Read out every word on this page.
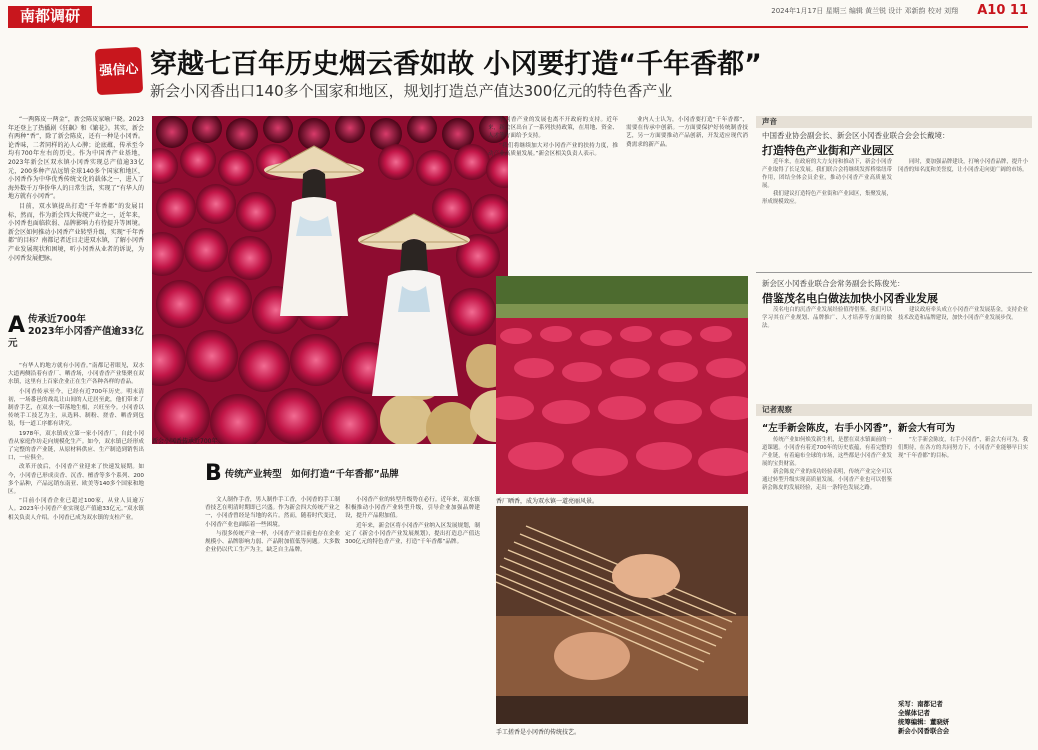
南都调研	2024年1月17日 星期三 编辑 黄兰锐 设计 邓新韵 校对 刘翔 A10 11
强信心 穿越七百年历史烟云香如故 小冈要打造“千年香都”
新会小冈香出口140多个国家和地区，规划打造总产值达300亿元的特色香产业

“一两陈皮一两金”，新会陈皮家喻户晓。2023年还登上了热播剧《狂飙》和《繁花》。其实，新会有两种“香”，除了新会陈皮，还有一种是小冈香。论香味，二者同样的沁人心脾；论底蕴，传承至今均有700年左右的历史。作为中国香产业基地，2023年新会区双水镇小冈香实现总产值逾33亿元，200多种产品远销全球140多个国家和地区，小冈香作为中华优秀传统文化的载体之一，进入了海外数千万华侨华人的日常生活，实现了“有华人的地方就有小冈香”。

目前，双水镇提出打造“千年香都”的发展目标，然而，作为新会四大传统产业之一，近年来，小冈香也面临软弱、品牌影响力有待提升等困境。新会区如何推动小冈香产业转型升级，实现“千年香都”的目标？南都记者近日走进双水镇，了解小冈香产业发展现状和困境，听小冈香从业者的诉说，为小冈香发展把脉。

A 传承近700年
2023年小冈香产值逾33亿元

“有华人的地方就有小冈香。”南都记者眼见，双水大道两侧沿着有香厂、晒香场，小冈香香产业集聚在双水镇，这里有上百家企业正在生产各种各样的香品。

小冈香传承至今，已经有近700年历史。明末清初，一场番邑的战乱让山间的人迁居至此，他们带来了制香手艺，在双水一带落地生根，兴旺至今。小冈香以传统手工技艺为主，从选料、制粉、搓香、晒香到包装，每一道工序都有讲究。

1978年，双水镇成立第一家小冈香厂，自此小冈香从家庭作坊走向规模化生产。如今，双水镇已经形成了完整的香产业链，从原材料供应、生产制造到销售出口，一应俱全。

改革开放后，小冈香产业迎来了快速发展期。如今，小冈香已形成贡香、沉香、檀香等多个系列、200多个品种，产品远销东南亚、欧美等140多个国家和地区。

“目前小冈香企业已超过100家，从业人员逾万人。2023年小冈香产业实现总产值逾33亿元。”双水镇相关负责人介绍。小冈香已成为双水镇的支柱产业。

新会小冈香传承近700年。
B 传统产业转型　如何打造“千年香都”品牌

文人制作手香，男人制作手工香，小冈香的手工制香技艺在明清时期即已兴盛。作为新会四大传统产业之一，小冈香曾经是当地的名片。然而，随着时代变迁，小冈香产业也面临着一些困境。

与很多传统产业一样，小冈香产业目前也存在企业规模小、品牌影响力弱、产品附加值低等问题。大多数企业仍以代工生产为主，缺乏自主品牌。

小冈香产业的转型升级势在必行。近年来，双水镇积极推动小冈香产业转型升级，引导企业加强品牌建设，提升产品附加值。

近年来，新会区将小冈香产业纳入区发展规划，制定了《新会小冈香产业发展规划》，提出打造总产值达300亿元的特色香产业，打造“千年香都”品牌。

小冈香产业的发展也离不开政府的支持。近年来，新会区出台了一系列扶持政策，在用地、资金、人才等方面给予支持。

“我们将继续加大对小冈香产业的扶持力度，推动产业高质量发展。”新会区相关负责人表示。

业内人士认为，小冈香要打造“千年香都”，需要在传承中创新。一方面要保护好传统制香技艺，另一方面要推动产品创新，开发适应现代消费需求的新产品。

香厂晒香，成为双水镇一道亮丽风景。
手工搓香是小冈香的传统技艺。
声音
中国香业协会副会长、新会区小冈香业联合会会长戴境：
打造特色产业街和产业园区

近年来，在政府的大力支持和推动下，新会小冈香产业取得了长足发展。我们联合会将继续发挥桥梁纽带作用，团结全体会员企业，推动小冈香产业高质量发展。

我们建议打造特色产业街和产业园区，集聚发展，形成规模效应。

同时，要加强品牌建设，打响小冈香品牌，提升小冈香的知名度和美誉度，让小冈香走向更广阔的市场。

新会区小冈香业联合会常务副会长陈俊光：
借鉴茂名电白做法加快小冈香业发展

茂名电白的沉香产业发展经验值得借鉴。我们可以学习其在产业规划、品牌推广、人才培养等方面的做法。

建议政府牵头成立小冈香产业发展基金，支持企业技术改造和品牌建设，加快小冈香产业发展步伐。

记者观察
“左手新会陈皮，右手小冈香”，新会大有可为

传统产业如何焕发新生机，是摆在双水镇面前的一道课题。小冈香有着近700年的历史底蕴，有着完整的产业链，有着遍布全球的市场，这些都是小冈香产业发展的宝贵财富。

新会陈皮产业的成功经验表明，传统产业完全可以通过转型升级实现高质量发展。小冈香产业也可以借鉴新会陈皮的发展经验，走出一条特色发展之路。

“左手新会陈皮，右手小冈香”，新会大有可为。我们期待，在各方的共同努力下，小冈香产业能够早日实现“千年香都”的目标。

采写：南都记者
全媒体记者
统筹编辑：董晓妍
新会小冈香联合会
